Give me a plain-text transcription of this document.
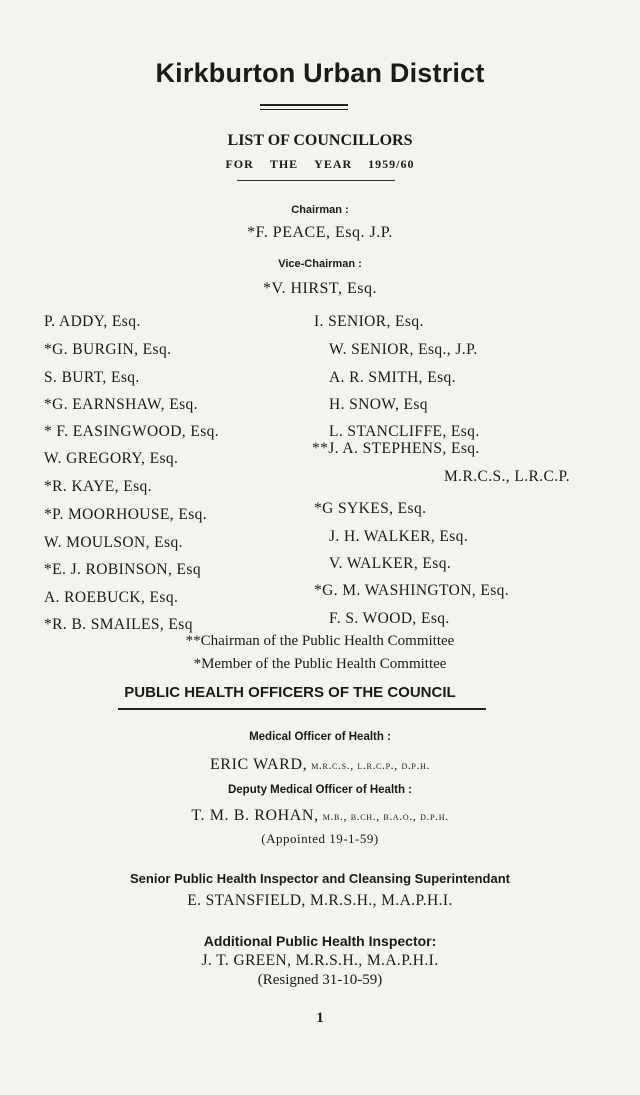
Kirkburton Urban District
LIST OF COUNCILLORS
FOR THE YEAR 1959/60
Chairman :
*F. PEACE, Esq. J.P.
Vice-Chairman :
*V. HIRST, Esq.
P. ADDY, Esq.
*G. BURGIN, Esq.
S. BURT, Esq.
*G. EARNSHAW, Esq.
* F. EASINGWOOD, Esq.
W. GREGORY, Esq.
*R. KAYE, Esq.
*P. MOORHOUSE, Esq.
W. MOULSON, Esq.
*E. J. ROBINSON, Esq
A. ROEBUCK, Esq.
*R. B. SMAILES, Esq
I. SENIOR, Esq.
W. SENIOR, Esq., J.P.
A. R. SMITH, Esq.
H. SNOW, Esq
L. STANCLIFFE, Esq.
**J. A. STEPHENS, Esq.
M.R.C.S., L.R.C.P.
*G SYKES, Esq.
J. H. WALKER, Esq.
V. WALKER, Esq.
*G. M. WASHINGTON, Esq.
F. S. WOOD, Esq.
**Chairman of the Public Health Committee
*Member of the Public Health Committee
PUBLIC HEALTH OFFICERS OF THE COUNCIL
Medical Officer of Health :
ERIC WARD, m.r.c.s., l.r.c.p., d.p.h.
Deputy Medical Officer of Health :
T. M. B. ROHAN, m.b., b.ch., b.a.o., d.p.h.
(Appointed 19-1-59)
Senior Public Health Inspector and Cleansing Superintendant
E. STANSFIELD, M.R.S.H., M.A.P.H.I.
Additional Public Health Inspector:
J. T. GREEN, M.R.S.H., M.A.P.H.I.
(Resigned 31-10-59)
1
